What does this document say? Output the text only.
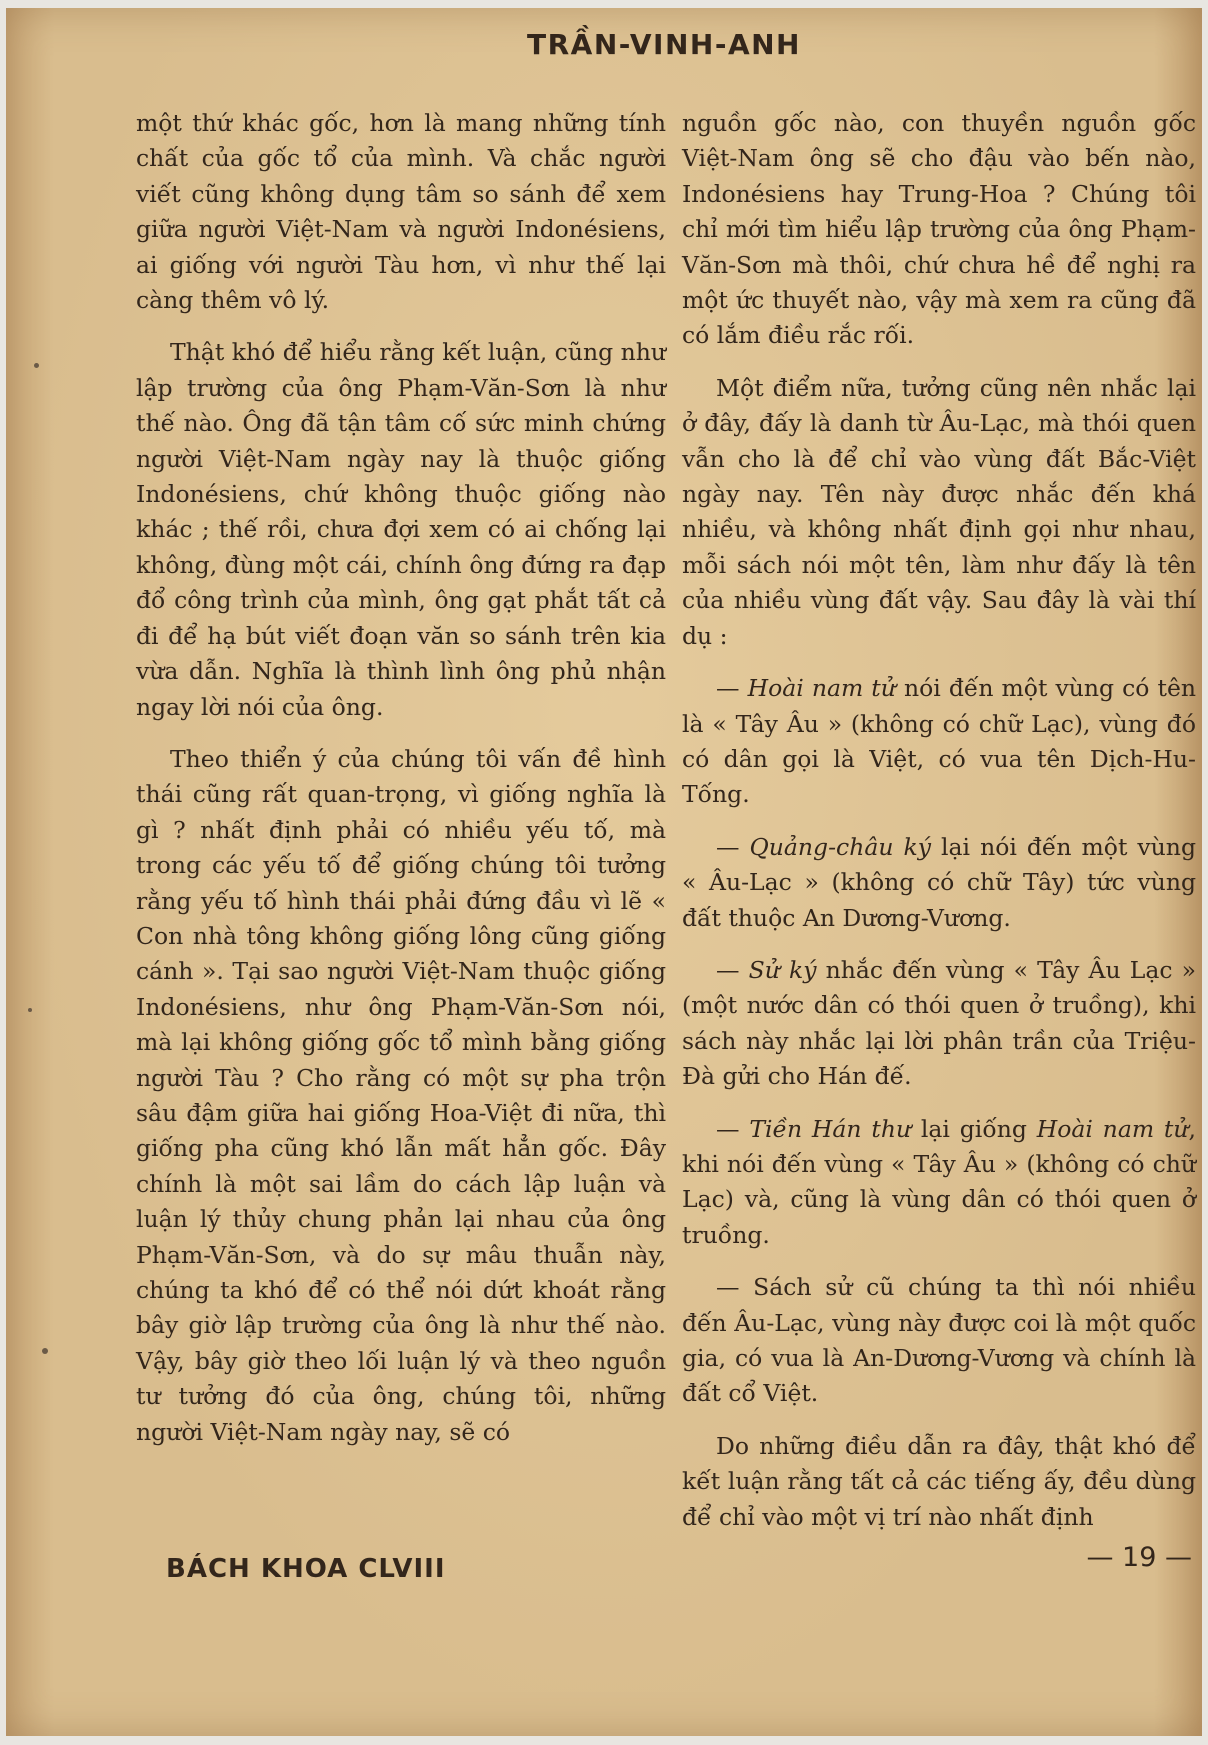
TRẦN-VINH-ANH

một thứ khác gốc, hơn là mang những tính chất của gốc tổ của mình. Và chắc người viết cũng không dụng tâm so sánh để xem giữa người Việt-Nam và người Indonésiens, ai giống với người Tàu hơn, vì như thế lại càng thêm vô lý.

Thật khó để hiểu rằng kết luận, cũng như lập trường của ông Phạm-Văn-Sơn là như thế nào. Ông đã tận tâm cố sức minh chứng người Việt-Nam ngày nay là thuộc giống Indonésiens, chứ không thuộc giống nào khác ; thế rồi, chưa đợi xem có ai chống lại không, đùng một cái, chính ông đứng ra đạp đổ công trình của mình, ông gạt phắt tất cả đi để hạ bút viết đoạn văn so sánh trên kia vừa dẫn. Nghĩa là thình lình ông phủ nhận ngay lời nói của ông.

Theo thiển ý của chúng tôi vấn đề hình thái cũng rất quan-trọng, vì giống nghĩa là gì ? nhất định phải có nhiều yếu tố, mà trong các yếu tố để giống chúng tôi tưởng rằng yếu tố hình thái phải đứng đầu vì lẽ « Con nhà tông không giống lông cũng giống cánh ». Tại sao người Việt-Nam thuộc giống Indonésiens, như ông Phạm-Văn-Sơn nói, mà lại không giống gốc tổ mình bằng giống người Tàu ? Cho rằng có một sự pha trộn sâu đậm giữa hai giống Hoa-Việt đi nữa, thì giống pha cũng khó lẫn mất hẳn gốc. Đây chính là một sai lầm do cách lập luận và luận lý thủy chung phản lại nhau của ông Phạm-Văn-Sơn, và do sự mâu thuẫn này, chúng ta khó để có thể nói dứt khoát rằng bây giờ lập trường của ông là như thế nào. Vậy, bây giờ theo lối luận lý và theo nguồn tư tưởng đó của ông, chúng tôi, những người Việt-Nam ngày nay, sẽ có

nguồn gốc nào, con thuyền nguồn gốc Việt-Nam ông sẽ cho đậu vào bến nào, Indonésiens hay Trung-Hoa ? Chúng tôi chỉ mới tìm hiểu lập trường của ông Phạm-Văn-Sơn mà thôi, chứ chưa hề để nghị ra một ức thuyết nào, vậy mà xem ra cũng đã có lắm điều rắc rối.

Một điểm nữa, tưởng cũng nên nhắc lại ở đây, đấy là danh từ Âu-Lạc, mà thói quen vẫn cho là để chỉ vào vùng đất Bắc-Việt ngày nay. Tên này được nhắc đến khá nhiều, và không nhất định gọi như nhau, mỗi sách nói một tên, làm như đấy là tên của nhiều vùng đất vậy. Sau đây là vài thí dụ :

— Hoài nam tử nói đến một vùng có tên là « Tây Âu » (không có chữ Lạc), vùng đó có dân gọi là Việt, có vua tên Dịch-Hu-Tống.

— Quảng-châu ký lại nói đến một vùng « Âu-Lạc » (không có chữ Tây) tức vùng đất thuộc An Dương-Vương.

— Sử ký nhắc đến vùng « Tây Âu Lạc » (một nước dân có thói quen ở truồng), khi sách này nhắc lại lời phân trần của Triệu-Đà gửi cho Hán đế.

— Tiền Hán thư lại giống Hoài nam tử, khi nói đến vùng « Tây Âu » (không có chữ Lạc) và, cũng là vùng dân có thói quen ở truồng.

— Sách sử cũ chúng ta thì nói nhiều đến Âu-Lạc, vùng này được coi là một quốc gia, có vua là An-Dương-Vương và chính là đất cổ Việt.

Do những điều dẫn ra đây, thật khó để kết luận rằng tất cả các tiếng ấy, đều dùng để chỉ vào một vị trí nào nhất định

BÁCH KHOA CLVIII	— 19 —
